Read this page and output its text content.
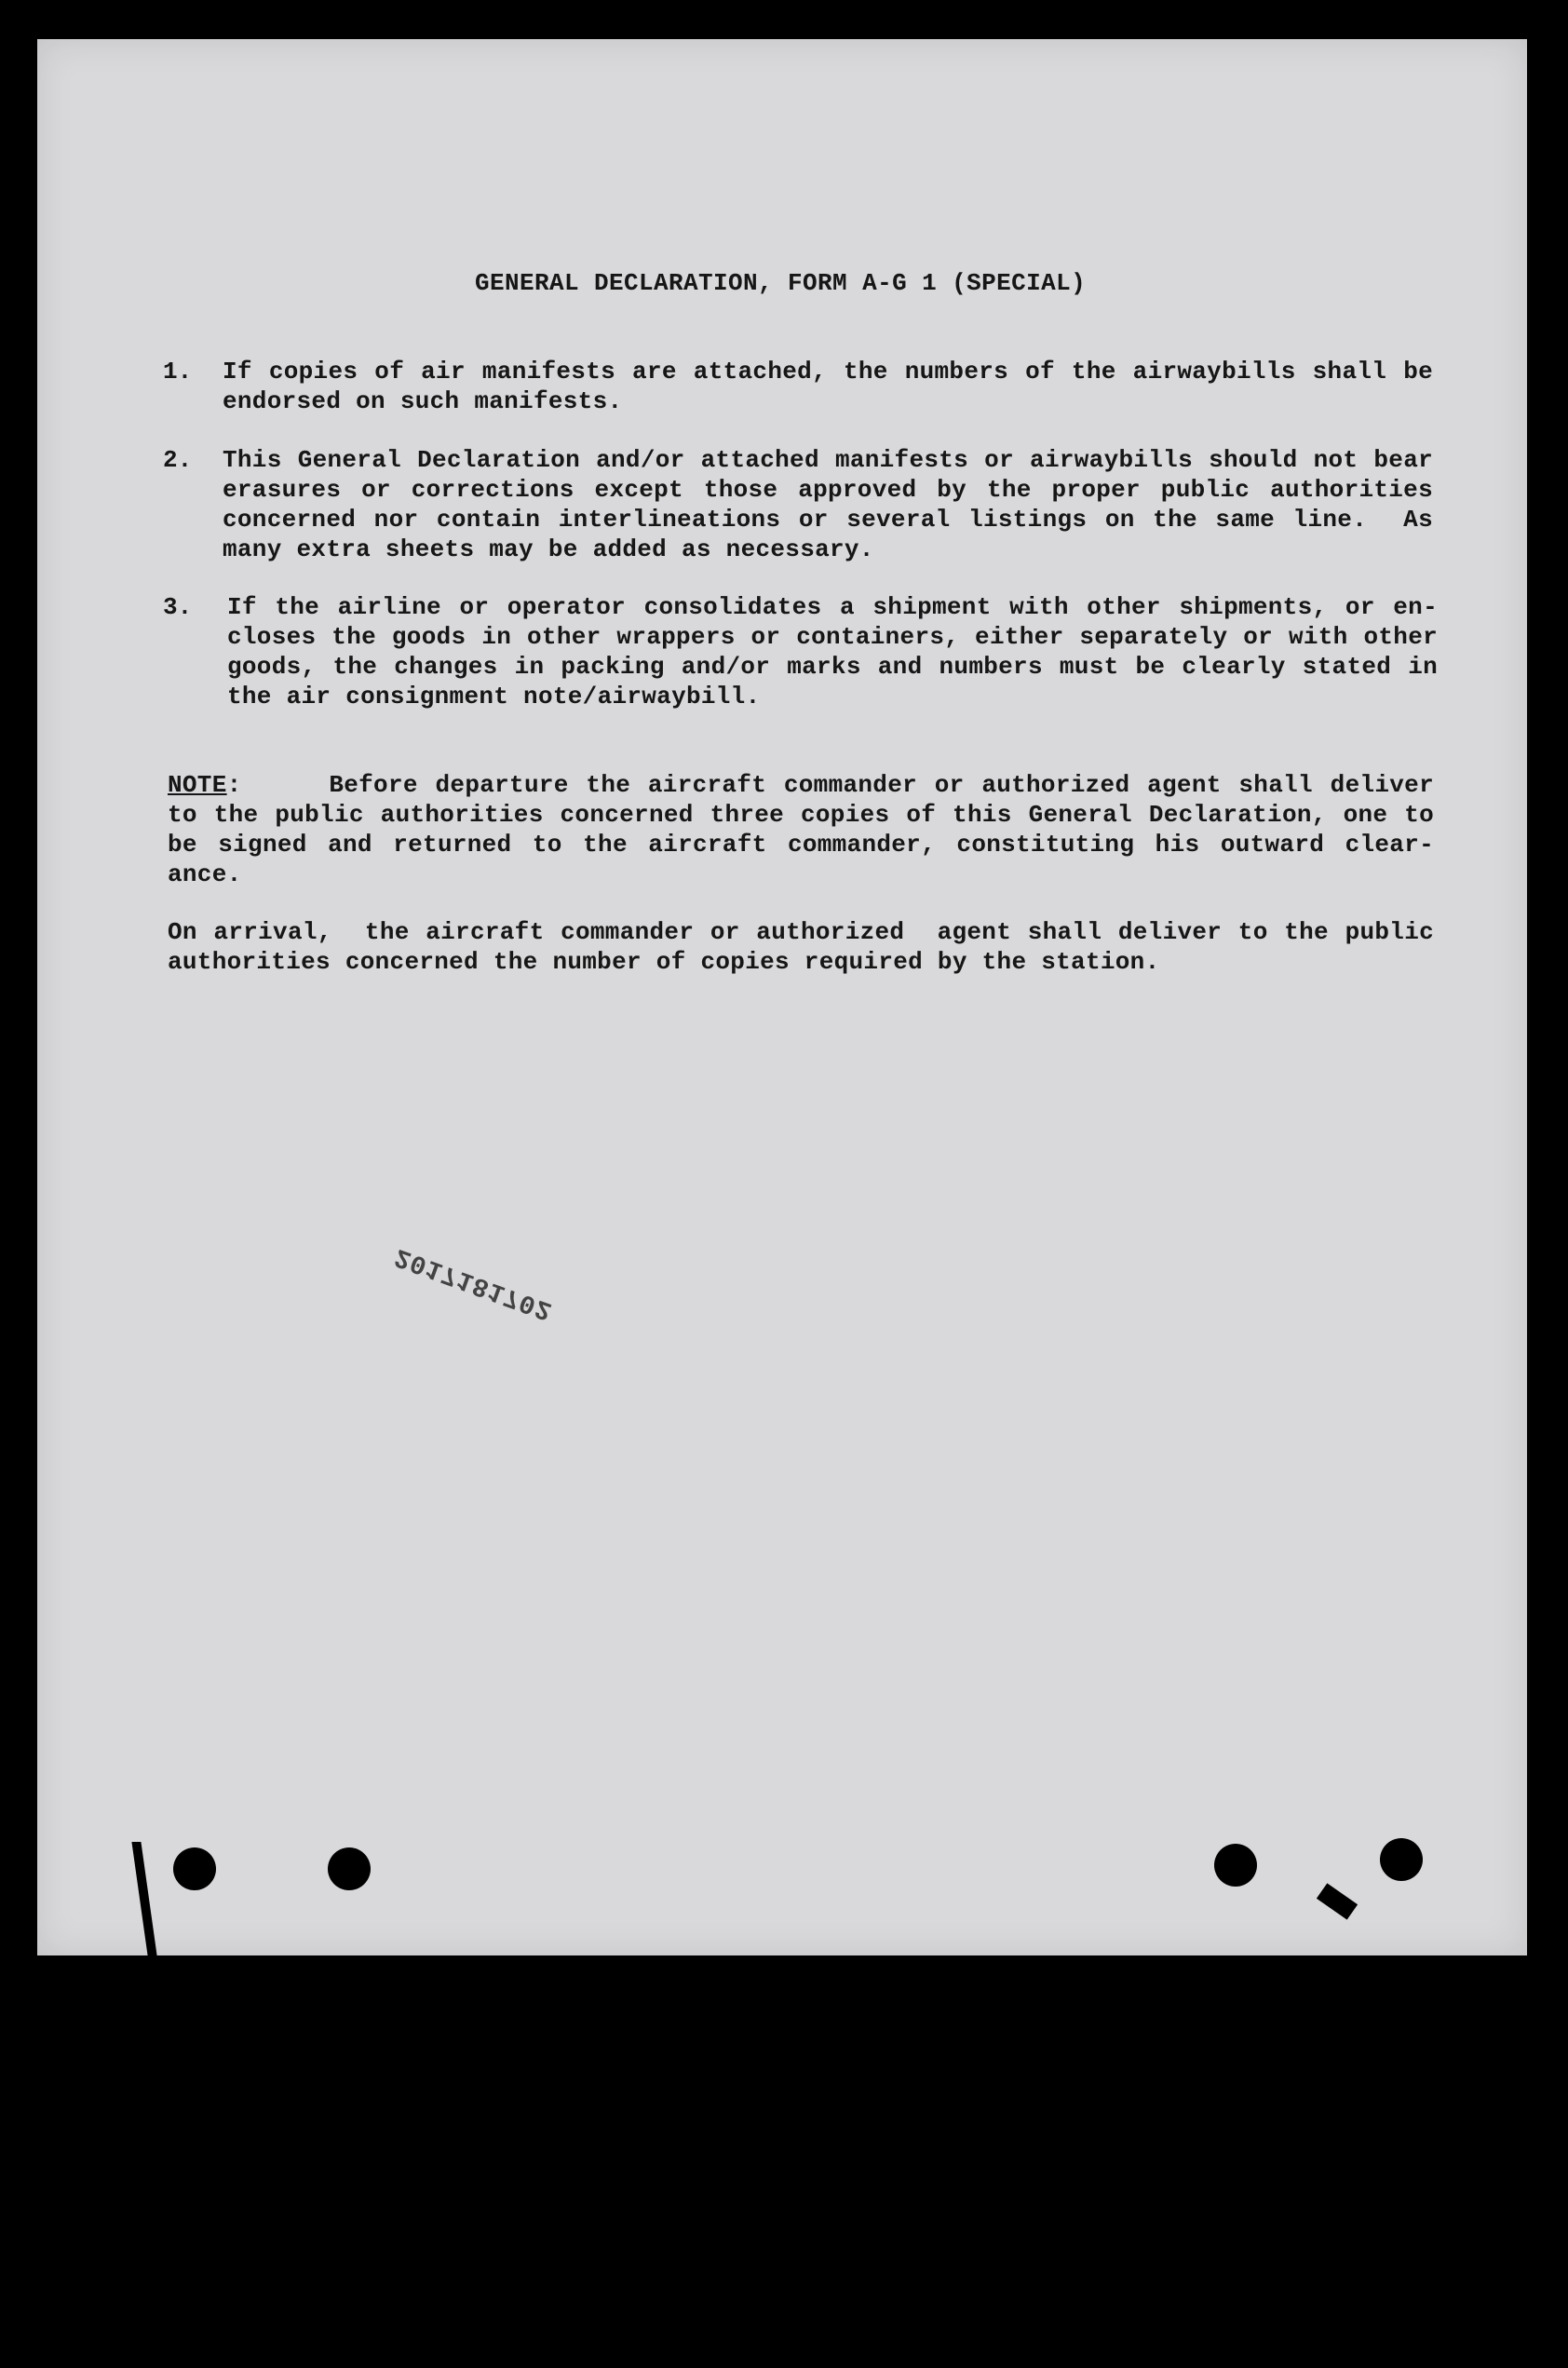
GENERAL DECLARATION, FORM A-G 1 (SPECIAL)
1. If copies of air manifests are attached, the numbers of the airwaybills shall be
endorsed on such manifests.
2. This General Declaration and/or attached manifests or airwaybills should not bear
erasures or corrections except those approved by the proper public authorities
concerned nor contain interlineations or several listings on the same line.  As
many extra sheets may be added as necessary.
3. If the airline or operator consolidates a shipment with other shipments, or en-
closes the goods in other wrappers or containers, either separately or with other
goods, the changes in packing and/or marks and numbers must be clearly stated in
the air consignment note/airwaybill.
NOTE:     Before departure the aircraft commander or authorized agent shall deliver
to the public authorities concerned three copies of this General Declaration, one to
be signed and returned to the aircraft commander, constituting his outward clear-
ance.
On arrival,  the aircraft commander or authorized  agent shall deliver to the public
authorities concerned the number of copies required by the station.
2017181702
